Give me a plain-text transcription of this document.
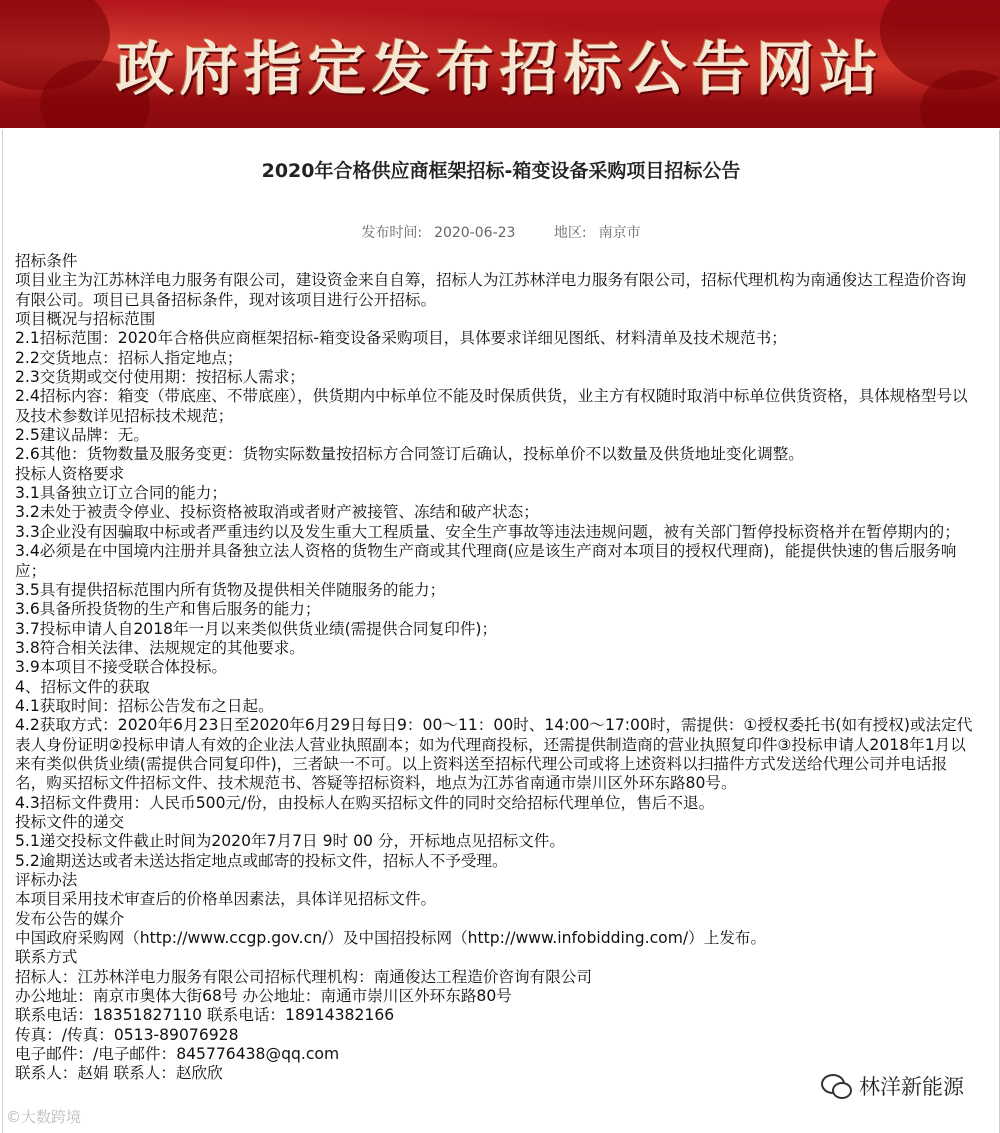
政府指定发布招标公告网站
2020年合格供应商框架招标-箱变设备采购项目招标公告
发布时间: 2020-06-23	地区: 南京市

招标条件

项目业主为江苏林洋电力服务有限公司，建设资金来自自筹，招标人为江苏林洋电力服务有限公司，招标代理机构为南通俊达工程造价咨询有限公司。项目已具备招标条件，现对该项目进行公开招标。

项目概况与招标范围

2.1招标范围：2020年合格供应商框架招标-箱变设备采购项目，具体要求详细见图纸、材料清单及技术规范书；

2.2交货地点：招标人指定地点；

2.3交货期或交付使用期：按招标人需求；

2.4招标内容：箱变（带底座、不带底座），供货期内中标单位不能及时保质供货，业主方有权随时取消中标单位供货资格，具体规格型号以及技术参数详见招标技术规范；

2.5建议品牌：无。

2.6其他：货物数量及服务变更：货物实际数量按招标方合同签订后确认，投标单价不以数量及供货地址变化调整。

投标人资格要求

3.1具备独立订立合同的能力；

3.2未处于被责令停业、投标资格被取消或者财产被接管、冻结和破产状态；

3.3企业没有因骗取中标或者严重违约以及发生重大工程质量、安全生产事故等违法违规问题，被有关部门暂停投标资格并在暂停期内的；

3.4必须是在中国境内注册并具备独立法人资格的货物生产商或其代理商(应是该生产商对本项目的授权代理商)，能提供快速的售后服务响应；

3.5具有提供招标范围内所有货物及提供相关伴随服务的能力；

3.6具备所投货物的生产和售后服务的能力；

3.7投标申请人自2018年一月以来类似供货业绩(需提供合同复印件)；

3.8符合相关法律、法规规定的其他要求。

3.9本项目不接受联合体投标。

4、招标文件的获取

4.1获取时间：招标公告发布之日起。

4.2获取方式：2020年6月23日至2020年6月29日每日9：00～11：00时、14:00～17:00时，需提供：①授权委托书(如有授权)或法定代表人身份证明②投标申请人有效的企业法人营业执照副本；如为代理商投标，还需提供制造商的营业执照复印件③投标申请人2018年1月以来有类似供货业绩(需提供合同复印件)，三者缺一不可。以上资料送至招标代理公司或将上述资料以扫描件方式发送给代理公司并电话报名，购买招标文件招标文件、技术规范书、答疑等招标资料，地点为江苏省南通市崇川区外环东路80号。

4.3招标文件费用：人民币500元/份，由投标人在购买招标文件的同时交给招标代理单位，售后不退。

投标文件的递交

5.1递交投标文件截止时间为2020年7月7日 9时 00 分，开标地点见招标文件。

5.2逾期送达或者未送达指定地点或邮寄的投标文件，招标人不予受理。

评标办法

本项目采用技术审查后的价格单因素法，具体详见招标文件。

发布公告的媒介

中国政府采购网（http://www.ccgp.gov.cn/）及中国招投标网（http://www.infobidding.com/）上发布。

联系方式

招标人：江苏林洋电力服务有限公司招标代理机构：南通俊达工程造价咨询有限公司

办公地址：南京市奥体大街68号 办公地址：南通市崇川区外环东路80号

联系电话：18351827110 联系电话：18914382166

传真：/传真：0513-89076928

电子邮件：/电子邮件：845776438@qq.com

联系人：赵娟 联系人：赵欣欣

©大数跨境
林洋新能源
